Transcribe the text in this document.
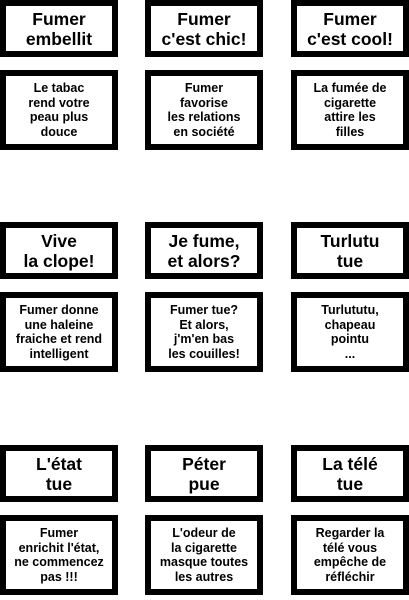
Fumer
embellit
Fumer
c'est chic!
Fumer
c'est cool!
Le tabac
rend votre
peau plus
douce
Fumer
favorise
les relations
en société
La fumée de
cigarette
attire les
filles
Vive
la clope!
Je fume,
et alors?
Turlutu
tue
Fumer donne
une haleine
fraiche et rend
intelligent
Fumer tue?
Et alors,
j'm'en bas
les couilles!
Turlututu,
chapeau
pointu
...
L'état
tue
Péter
pue
La télé
tue
Fumer
enrichit l'état,
ne commencez
pas !!!
L'odeur de
la cigarette
masque toutes
les autres
Regarder la
télé vous
empêche de
réfléchir
